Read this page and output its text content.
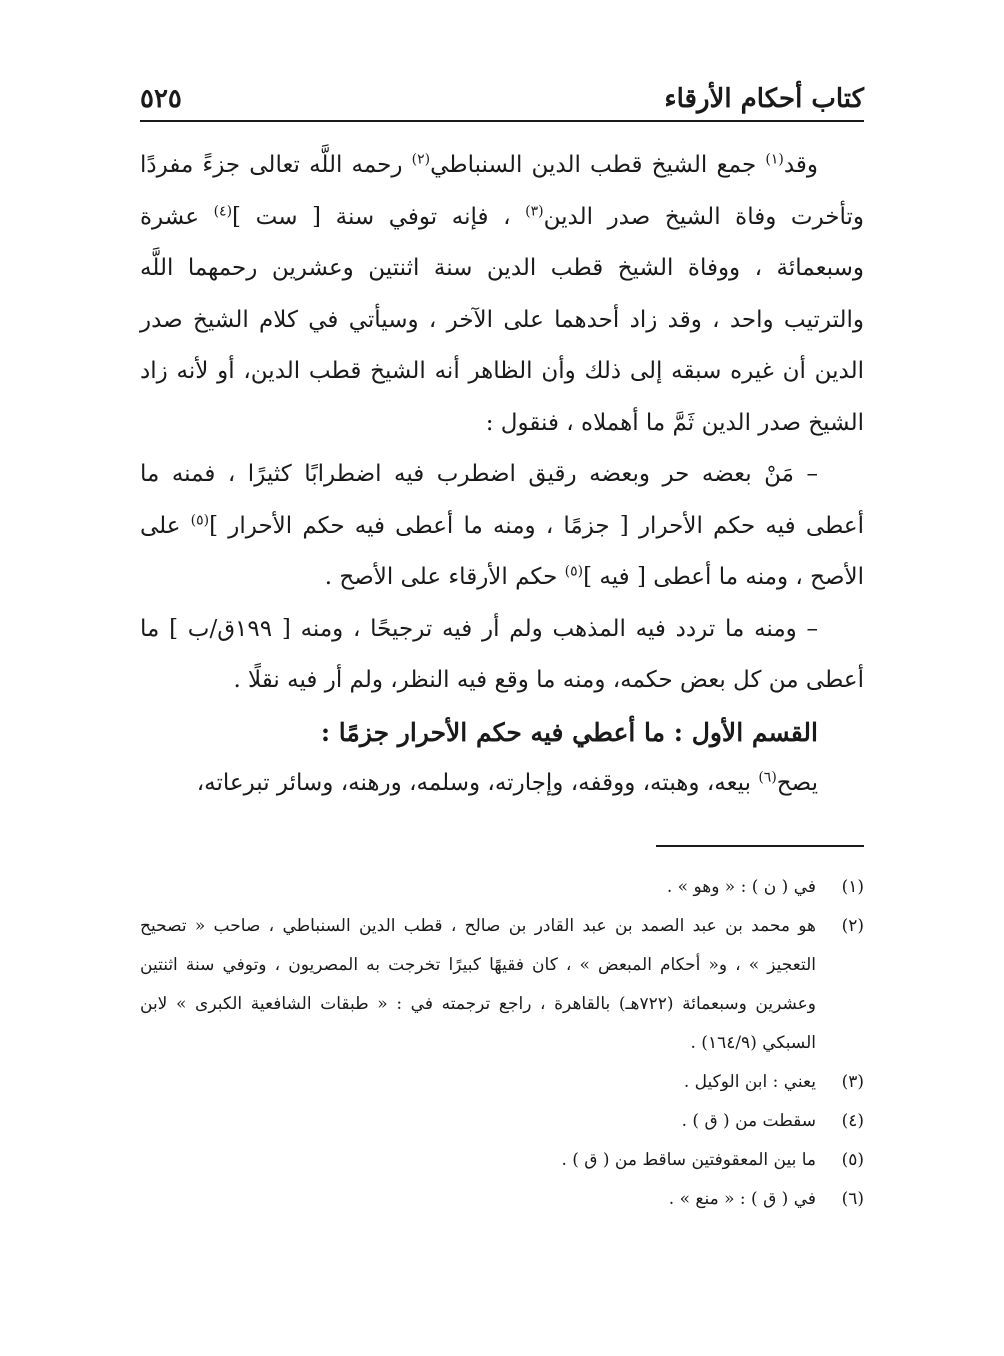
كتاب أحكام الأرقاء
٥٢٥

وقد$^{(١)}$ جمع الشيخ قطب الدين السنباطي$^{(٢)}$ رحمه اللَّه تعالى جزءً مفردًا وتأخرت وفاة الشيخ صدر الدين$^{(٣)}$ ، فإنه توفي سنة [ ست ]$^{(٤)}$ عشرة وسبعمائة ، ووفاة الشيخ قطب الدين سنة اثنتين وعشرين رحمهما اللَّه والترتيب واحد ، وقد زاد أحدهما على الآخر ، وسيأتي في كلام الشيخ صدر الدين أن غيره سبقه إلى ذلك وأن الظاهر أنه الشيخ قطب الدين، أو لأنه زاد الشيخ صدر الدين ثَمَّ ما أهملاه ، فنقول :

– مَنْ بعضه حر وبعضه رقيق اضطرب فيه اضطرابًا كثيرًا ، فمنه ما أعطى فيه حكم الأحرار [ جزمًا ، ومنه ما أعطى فيه حكم الأحرار ]$^{(٥)}$ على الأصح ، ومنه ما أعطى [ فيه ]$^{(٥)}$ حكم الأرقاء على الأصح .

– ومنه ما تردد فيه المذهب ولم أر فيه ترجيحًا ، ومنه [ ١٩٩ق/ب ] ما أعطى من كل بعض حكمه، ومنه ما وقع فيه النظر، ولم أر فيه نقلًا .

القسم الأول : ما أعطي فيه حكم الأحرار جزمًا :

يصح$^{(٦)}$ بيعه، وهبته، ووقفه، وإجارته، وسلمه، ورهنه، وسائر تبرعاته،

(١)
في ( ن ) : « وهو » .
(٢)
هو محمد بن عبد الصمد بن عبد القادر بن صالح ، قطب الدين السنباطي ، صاحب « تصحيح التعجيز » ، و« أحكام المبعض » ، كان فقيهًا كبيرًا تخرجت به المصريون ، وتوفي سنة اثنتين وعشرين وسبعمائة (٧٢٢هـ) بالقاهرة ، راجع ترجمته في : « طبقات الشافعية الكبرى » لابن السبكي (١٦٤/٩) .
(٣)
يعني : ابن الوكيل .
(٤)
سقطت من ( ق ) .
(٥)
ما بين المعقوفتين ساقط من ( ق ) .
(٦)
في ( ق ) : « منع » .
